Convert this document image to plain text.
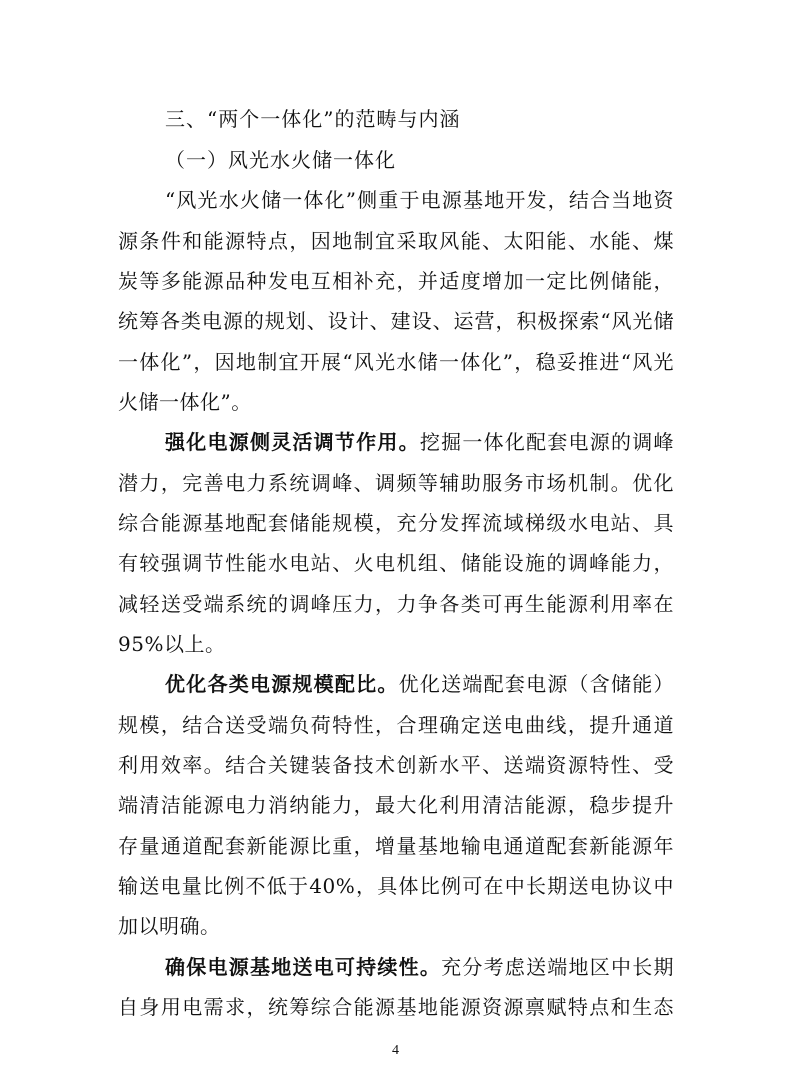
三、“两个一体化”的范畴与内涵
（一）风光水火储一体化
“风光水火储一体化”侧重于电源基地开发，结合当地资
源条件和能源特点，因地制宜采取风能、太阳能、水能、煤
炭等多能源品种发电互相补充，并适度增加一定比例储能，
统筹各类电源的规划、设计、建设、运营，积极探索“风光储
一体化”，因地制宜开展“风光水储一体化”，稳妥推进“风光
火储一体化”。
强化电源侧灵活调节作用。挖掘一体化配套电源的调峰
潜力，完善电力系统调峰、调频等辅助服务市场机制。优化
综合能源基地配套储能规模，充分发挥流域梯级水电站、具
有较强调节性能水电站、火电机组、储能设施的调峰能力，
减轻送受端系统的调峰压力，力争各类可再生能源利用率在
95%以上。
优化各类电源规模配比。优化送端配套电源（含储能）
规模，结合送受端负荷特性，合理确定送电曲线，提升通道
利用效率。结合关键装备技术创新水平、送端资源特性、受
端清洁能源电力消纳能力，最大化利用清洁能源，稳步提升
存量通道配套新能源比重，增量基地输电通道配套新能源年
输送电量比例不低于40%，具体比例可在中长期送电协议中
加以明确。
确保电源基地送电可持续性。充分考虑送端地区中长期
自身用电需求，统筹综合能源基地能源资源禀赋特点和生态
4
